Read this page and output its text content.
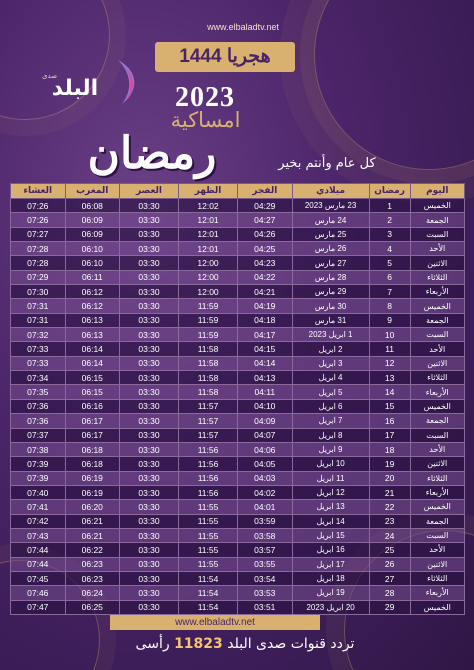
www.elbaladtv.net
1444 هجريا
صدى
البلد	2023
امساكية
رمضان	كل عام وأنتم بخير
اليوم	رمضان	ميلادي	الفجر	الظهر	العصر	المغرب	العشاء
الخميس	1	23 مارس 2023	04:29	12:02	03:30	06:08	07:26
الجمعة	2	24 مارس	04:27	12:01	03:30	06:09	07:26
السبت	3	25 مارس	04:26	12:01	03:30	06:09	07:27
الأحد	4	26 مارس	04:25	12:01	03:30	06:10	07:28
الاثنين	5	27 مارس	04:23	12:00	03:30	06:10	07:28
الثلاثاء	6	28 مارس	04:22	12:00	03:30	06:11	07:29
الأربعاء	7	29 مارس	04:21	12:00	03:30	06:12	07:30
الخميس	8	30 مارس	04:19	11:59	03:30	06:12	07:31
الجمعة	9	31 مارس	04:18	11:59	03:30	06:13	07:31
السبت	10	1 ابريل 2023	04:17	11:59	03:30	06:13	07:32
الأحد	11	2 ابريل	04:15	11:58	03:30	06:14	07:33
الاثنين	12	3 ابريل	04:14	11:58	03:30	06:14	07:33
الثلاثاء	13	4 ابريل	04:13	11:58	03:30	06:15	07:34
الأربعاء	14	5 ابريل	04:11	11:58	03:30	06:15	07:35
الخميس	15	6 ابريل	04:10	11:57	03:30	06:16	07:36
الجمعة	16	7 ابريل	04:09	11:57	03:30	06:17	07:36
السبت	17	8 ابريل	04:07	11:57	03:30	06:17	07:37
الأحد	18	9 ابريل	04:06	11:56	03:30	06:18	07:38
الاثنين	19	10 ابريل	04:05	11:56	03:30	06:18	07:39
الثلاثاء	20	11 ابريل	04:03	11:56	03:30	06:19	07:39
الأربعاء	21	12 ابريل	04:02	11:56	03:30	06:19	07:40
الخميس	22	13 ابريل	04:01	11:55	03:30	06:20	07:41
الجمعة	23	14 ابريل	03:59	11:55	03:30	06:21	07:42
السبت	24	15 ابريل	03:58	11:55	03:30	06:21	07:43
الأحد	25	16 ابريل	03:57	11:55	03:30	06:22	07:44
الاثنين	26	17 ابريل	03:55	11:55	03:30	06:23	07:44
الثلاثاء	27	18 ابريل	03:54	11:54	03:30	06:23	07:45
الأربعاء	28	19 ابريل	03:53	11:54	03:30	06:24	07:46
الخميس	29	20 ابريل 2023	03:51	11:54	03:30	06:25	07:47
www.elbaladtv.net
تردد قنوات صدى البلد 11823 رأسى
